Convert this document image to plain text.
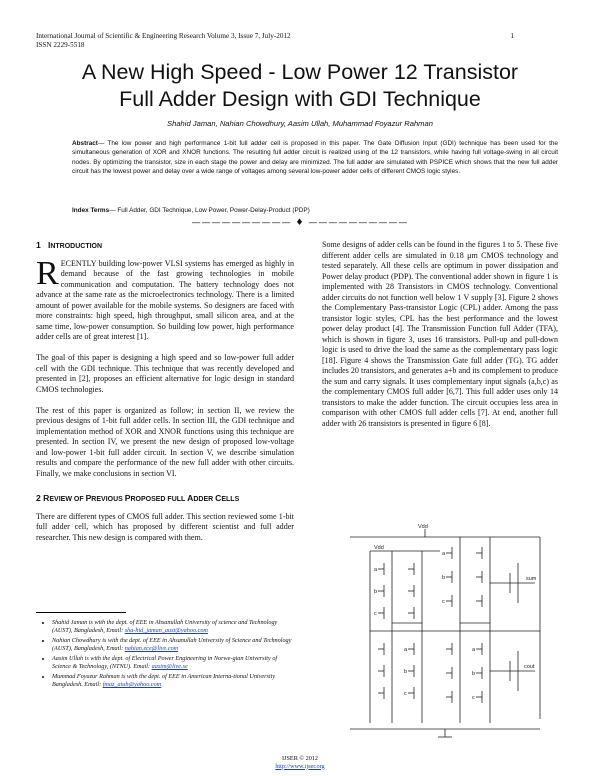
International Journal of Scientific & Engineering Research Volume 3, Issue 7, July-2012
ISSN 2229-5518
1
A New High Speed - Low Power 12 Transistor
Full Adder Design with GDI Technique
Shahid Jaman, Nahian Chowdhury, Aasim Ullah, Muhammad Foyazur Rahman
Abstract— The low power and high performance 1-bit full adder cell is proposed in this paper. The Gate Diffusion Input (GDI) technique has been used for the simultaneous generation of XOR and XNOR functions. The resulting full adder circuit is realized using of the 12 transistors, while having full voltage-swing in all circuit nodes. By optimizing the transistor, size in each stage the power and delay are minimized. The full adder are simulated with PSPICE which shows that the new full adder circuit has the lowest power and delay over a wide range of voltages among several low-power adder cells of different CMOS logic styles.
Index Terms— Full Adder, GDI Technique, Low Power, Power-Delay-Product (PDP)
—————————— ♦ ——————————
1 INTRODUCTION

RECENTLY building low-power VLSI systems has emerged as highly in demand because of the fast growing technologies in mobile communication and computation. The battery technology does not advance at the same rate as the microelectronics technology. There is a limited amount of power available for the mobile systems. So designers are faced with more constraints: high speed, high throughput, small silicon area, and at the same time, low-power consumption. So building low power, high performance adder cells are of great interest [1].

The goal of this paper is designing a high speed and so low-power full adder cell with the GDI technique. This technique that was recently developed and presented in [2], proposes an efficient alternative for logic design in standard CMOS technologies.

The rest of this paper is organized as follow; in section II, we review the previous designs of 1-bit full adder cells. In section III, the GDI technique and implementation method of XOR and XNOR functions using this technique are presented. In section IV, we present the new design of proposed low-voltage and low-power 1-bit full adder circuit. In section V, we describe simulation results and compare the performance of the new full adder with other circuits. Finally, we make conclusions in section VI.

2 REVIEW OF PREVIOUS PROPOSED FULL ADDER CELLS

There are different types of CMOS full adder. This section reviewed some 1-bit full adder cell, which has proposed by different scientist and full adder researcher. This new design is compared with them.

• Shahid Jaman is with the dept. of EEE in Ahsanullah University of science and Technology (AUST), Bangladesh, Email: sha-hid_jaman_aust@yahoo.com
• Nahian Chowdhury is with the dept. of EEE in Ahsanullah University of Science and Technology (AUST), Bangladesh, Email: nahian.ece@live.com
• Aasim Ullah is with the dept. of Electrical Power Engineering in Norwe-gian University of Science & Technology, (NTNU). Email: aasim@live.se
• Mummad Foyazur Rahman is with the dept. of EEE in American Interna-tional University Bangladesh. Email: fmaz_aiub@yahoo.com

Some designs of adder cells can be found in the figures 1 to 5. These five different adder cells are simulated in 0.18 μm CMOS technology and tested separately. All these cells are optimum in power dissipation and Power delay product (PDP). The conventional adder shown in figure 1 is implemented with 28 Transistors in CMOS technology. Conventional adder circuits do not function well below 1 V supply [3]. Figure 2 shows the Complementary Pass-transistor Logic (CPL) adder. Among the pass transistor logic styles, CPL has the best performance and the lowest power delay product [4]. The Transmission Function full Adder (TFA), which is shown in figure 3, uses 16 transistors. Pull-up and pull-down logic is used to drive the load the same as the complementary pass logic [18]. Figure 4 shows the Transmission Gate full adder (TG). TG adder includes 20 transistors, and generates a+b and its complement to produce the sum and carry signals. It uses complementary input signals (a,b,c) as the complementary CMOS full adder [6,7]. This full adder uses only 14 transistors to make the adder function. The circuit occupies less area in comparison with other CMOS full adder cells [7]. At end, another full adder with 26 transistors is presented in figure 6 [8].

Vdd
Vdd
sum
cout
a
b
c
a
b
c
a
b
c
a
b
c
IJSER © 2012
http://www.ijser.org
